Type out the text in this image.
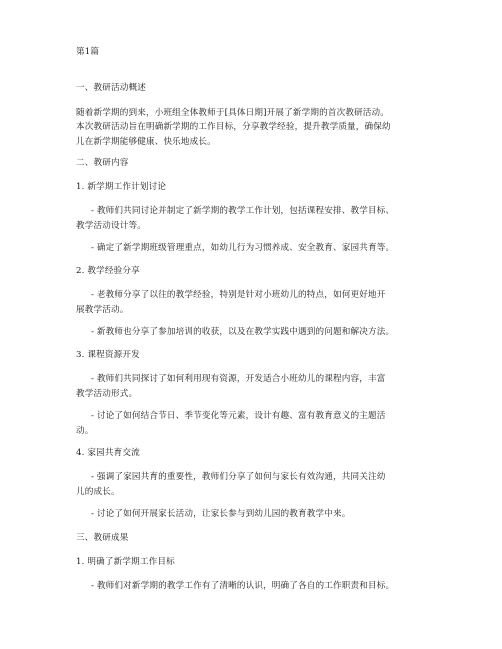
第1篇
一、教研活动概述
随着新学期的到来，小班组全体教师于[具体日期]开展了新学期的首次教研活动。
本次教研活动旨在明确新学期的工作目标，分享教学经验，提升教学质量，确保幼
儿在新学期能够健康、快乐地成长。
二、教研内容
1. 新学期工作计划讨论
- 教师们共同讨论并制定了新学期的教学工作计划，包括课程安排、教学目标、
教学活动设计等。
- 确定了新学期班级管理重点，如幼儿行为习惯养成、安全教育、家园共育等。
2. 教学经验分享
- 老教师分享了以往的教学经验，特别是针对小班幼儿的特点，如何更好地开
展教学活动。
- 新教师也分享了参加培训的收获，以及在教学实践中遇到的问题和解决方法。
3. 课程资源开发
- 教师们共同探讨了如何利用现有资源，开发适合小班幼儿的课程内容，丰富
教学活动形式。
- 讨论了如何结合节日、季节变化等元素，设计有趣、富有教育意义的主题活
动。
4. 家园共育交流
- 强调了家园共育的重要性，教师们分享了如何与家长有效沟通，共同关注幼
儿的成长。
- 讨论了如何开展家长活动，让家长参与到幼儿园的教育教学中来。
三、教研成果
1. 明确了新学期工作目标
- 教师们对新学期的教学工作有了清晰的认识，明确了各自的工作职责和目标。
